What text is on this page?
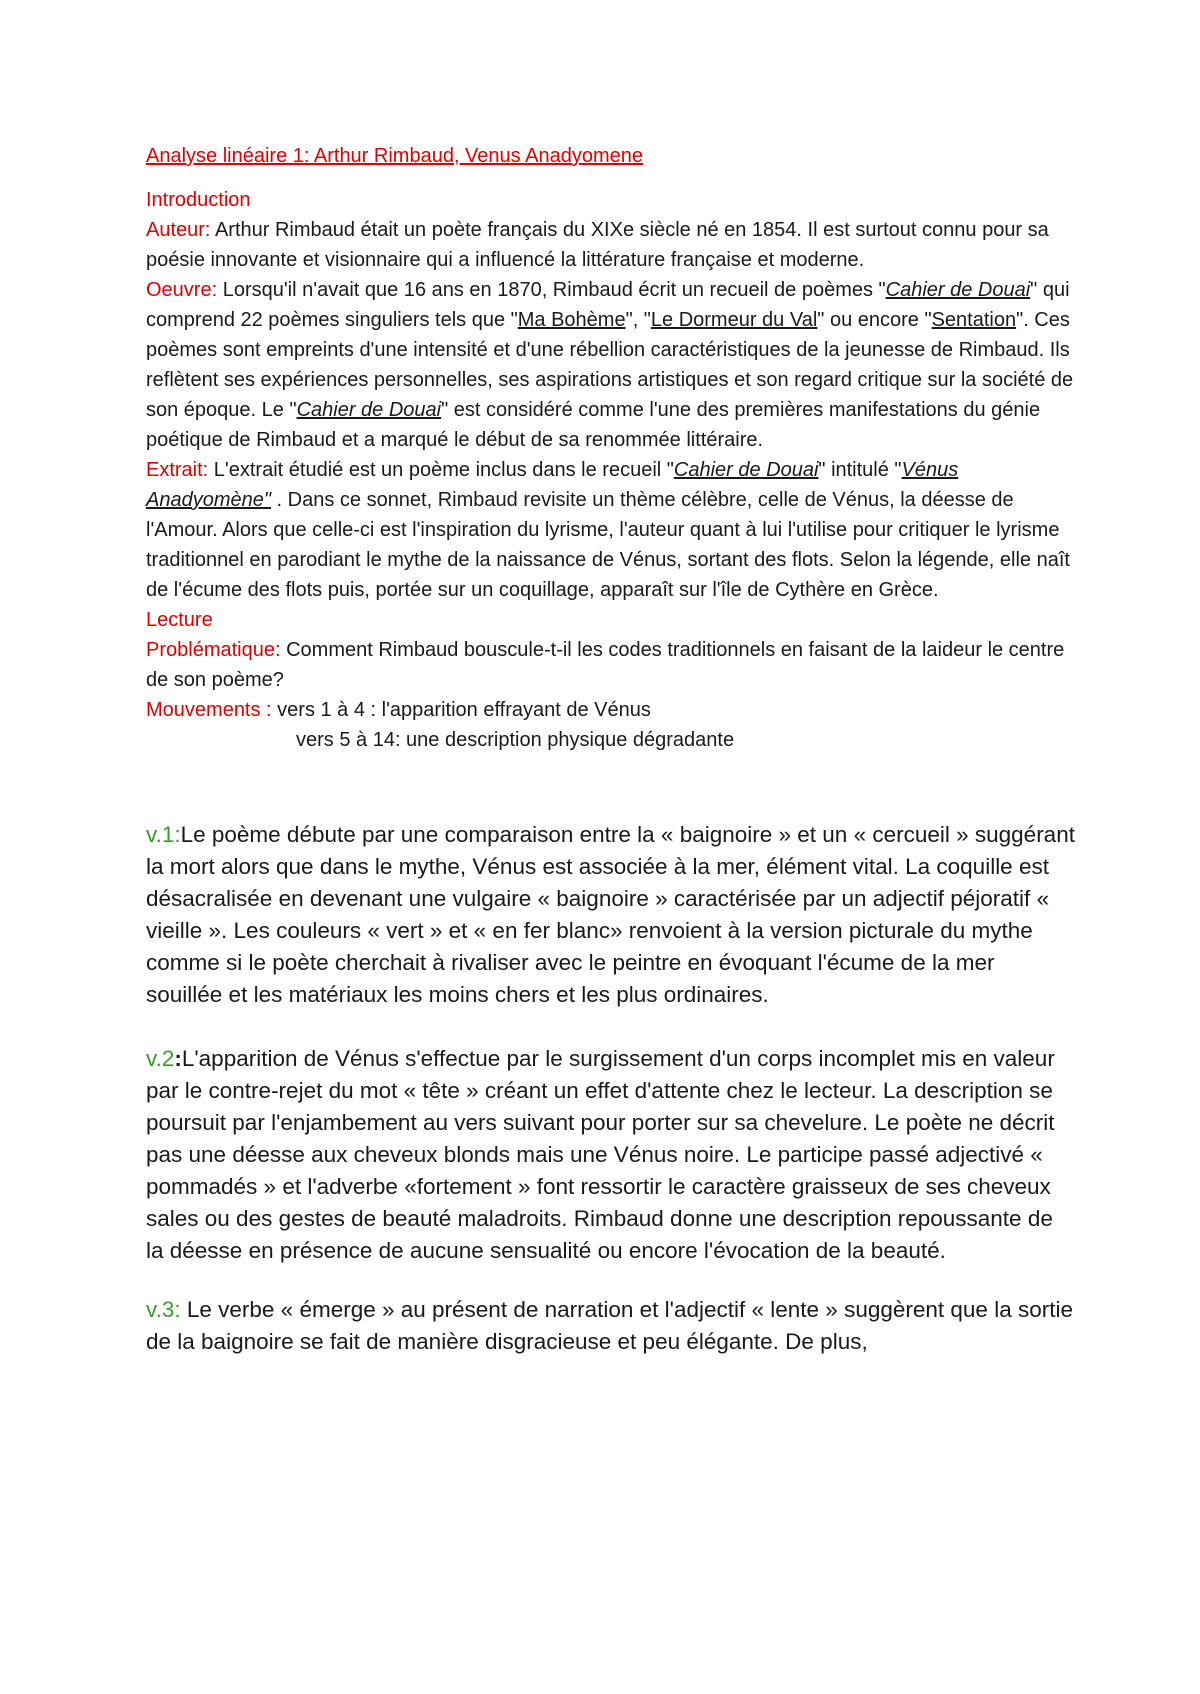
Analyse linéaire 1: Arthur Rimbaud, Venus Anadyomene

Introduction

Auteur: Arthur Rimbaud était un poète français du XIXe siècle né en 1854. Il est surtout connu pour sa poésie innovante et visionnaire qui a influencé la littérature française et moderne.

Oeuvre: Lorsqu'il n'avait que 16 ans en 1870, Rimbaud écrit un recueil de poèmes "Cahier de Douai" qui comprend 22 poèmes singuliers tels que "Ma Bohème", "Le Dormeur du Val" ou encore "Sentation". Ces poèmes sont empreints d'une intensité et d'une rébellion caractéristiques de la jeunesse de Rimbaud. Ils reflètent ses expériences personnelles, ses aspirations artistiques et son regard critique sur la société de son époque. Le "Cahier de Douai" est considéré comme l'une des premières manifestations du génie poétique de Rimbaud et a marqué le début de sa renommée littéraire.

Extrait: L'extrait étudié est un poème inclus dans le recueil "Cahier de Douai" intitulé "Vénus Anadyomène" . Dans ce sonnet, Rimbaud revisite un thème célèbre, celle de Vénus, la déesse de l'Amour. Alors que celle-ci est l'inspiration du lyrisme, l'auteur quant à lui l'utilise pour critiquer le lyrisme traditionnel en parodiant le mythe de la naissance de Vénus, sortant des flots. Selon la légende, elle naît de l'écume des flots puis, portée sur un coquillage, apparaît sur l'île de Cythère en Grèce.

Lecture

Problématique: Comment Rimbaud bouscule-t-il les codes traditionnels en faisant de la laideur le centre de son poème?

Mouvements : vers 1 à 4 : l'apparition effrayant de Vénus

vers 5 à 14: une description physique dégradante

v.1:Le poème débute par une comparaison entre la « baignoire » et un « cercueil » suggérant la mort alors que dans le mythe, Vénus est associée à la mer, élément vital. La coquille est désacralisée en devenant une vulgaire « baignoire » caractérisée par un adjectif péjoratif « vieille ». Les couleurs « vert » et « en fer blanc» renvoient à la version picturale du mythe comme si le poète cherchait à rivaliser avec le peintre en évoquant l'écume de la mer souillée et les matériaux les moins chers et les plus ordinaires.

v.2:L'apparition de Vénus s'effectue par le surgissement d'un corps incomplet mis en valeur par le contre-rejet du mot « tête » créant un effet d'attente chez le lecteur. La description se poursuit par l'enjambement au vers suivant pour porter sur sa chevelure. Le poète ne décrit pas une déesse aux cheveux blonds mais une Vénus noire. Le participe passé adjectivé « pommadés » et l'adverbe «fortement » font ressortir le caractère graisseux de ses cheveux sales ou des gestes de beauté maladroits. Rimbaud donne une description repoussante de la déesse en présence de aucune sensualité ou encore l'évocation de la beauté.

v.3: Le verbe « émerge » au présent de narration et l'adjectif « lente » suggèrent que la sortie de la baignoire se fait de manière disgracieuse et peu élégante. De plus,
